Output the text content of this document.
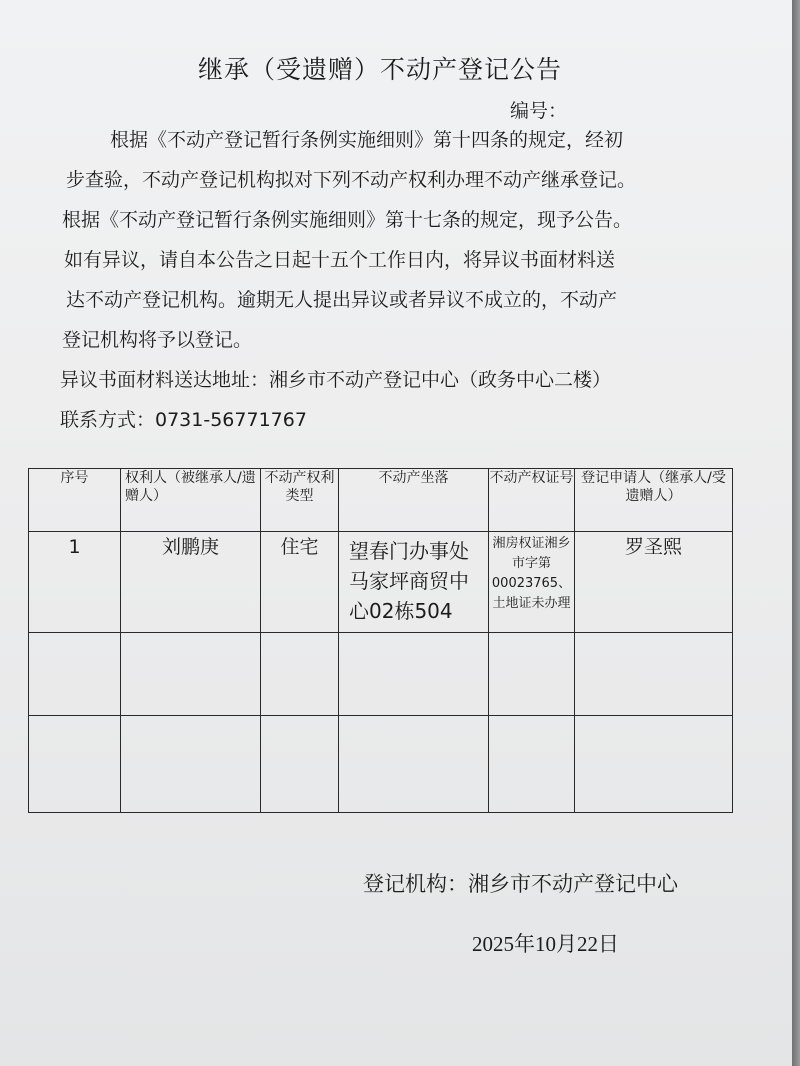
继承（受遗赠）不动产登记公告
编号：

根据《不动产登记暂行条例实施细则》第十四条的规定，经初

步查验，不动产登记机构拟对下列不动产权利办理不动产继承登记。

根据《不动产登记暂行条例实施细则》第十七条的规定，现予公告。

如有异议，请自本公告之日起十五个工作日内，将异议书面材料送

达不动产登记机构。逾期无人提出异议或者异议不成立的，不动产

登记机构将予以登记。

异议书面材料送达地址：湘乡市不动产登记中心（政务中心二楼）

联系方式：0731-56771767

序号	权利人（被继承人/遗赠人）	不动产权利类型	不动产坐落	不动产权证号	登记申请人（继承人/受遗赠人）
1	刘鹏庚	住宅	望春门办事处马家坪商贸中心02栋504	湘房权证湘乡市字第00023765、土地证未办理	罗圣熙

登记机构：湘乡市不动产登记中心
2025年10月22日
